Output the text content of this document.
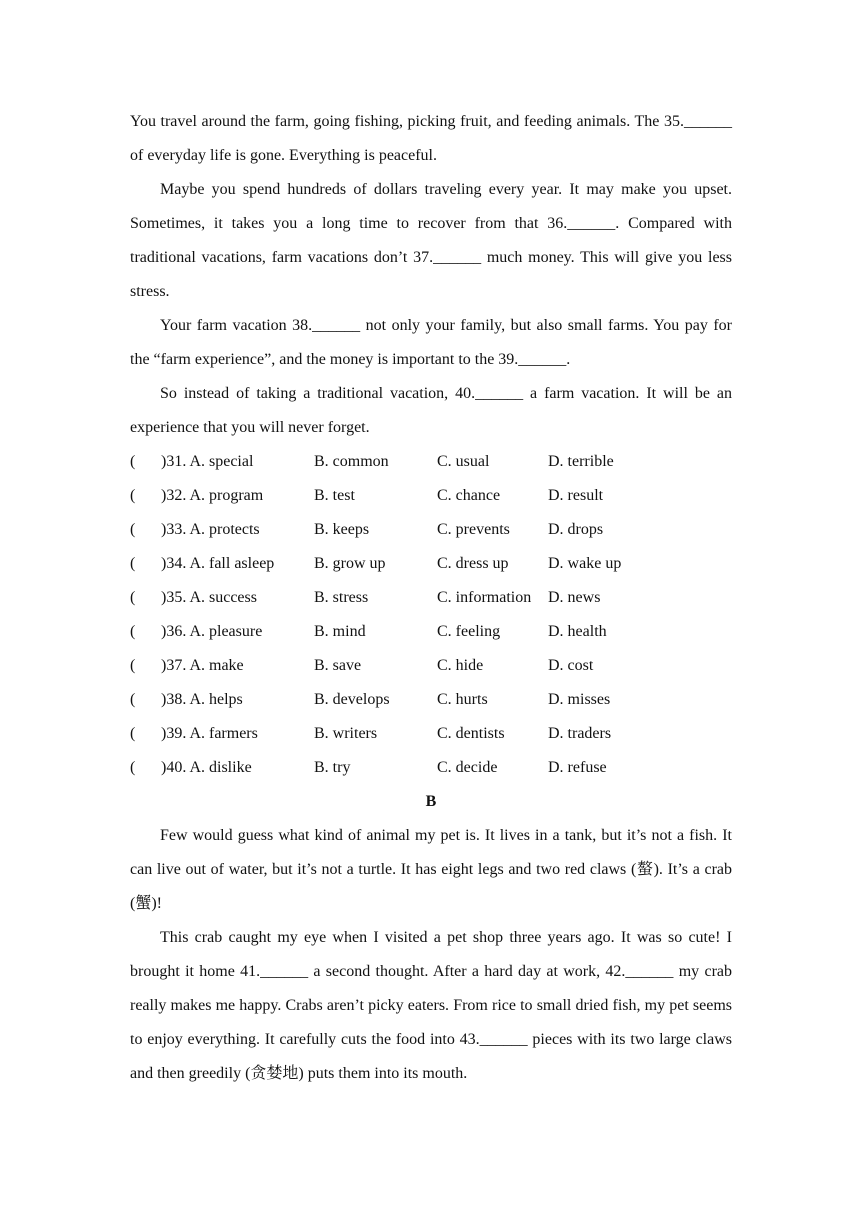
You travel around the farm, going fishing, picking fruit, and feeding animals. The 35.______ of everyday life is gone. Everything is peaceful.

Maybe you spend hundreds of dollars traveling every year. It may make you upset. Sometimes, it takes you a long time to recover from that 36.______. Compared with traditional vacations, farm vacations don’t 37.______ much money. This will give you less stress.

Your farm vacation 38.______ not only your family, but also small farms. You pay for the “farm experience”, and the money is important to the 39.______.

So instead of taking a traditional vacation, 40.______ a farm vacation. It will be an experience that you will never forget.

( )31. A. special	B. common	C. usual	D. terrible
( )32. A. program	B. test	C. chance	D. result
( )33. A. protects	B. keeps	C. prevents D. drops
( )34. A. fall asleep B. grow up	C. dress up D. wake up
( )35. A. success	B. stress	C. information D. news
( )36. A. pleasure	B. mind	C. feeling	D. health
( )37. A. make	B. save	C. hide	D. cost
( )38. A. helps	B. develops	C. hurts	D. misses
( )39. A. farmers	B. writers	C. dentists	D. traders
( )40. A. dislike	B. try	C. decide	D. refuse
B

Few would guess what kind of animal my pet is. It lives in a tank, but it’s not a fish. It can live out of water, but it’s not a turtle. It has eight legs and two red claws (螯). It’s a crab (蟹)!

This crab caught my eye when I visited a pet shop three years ago. It was so cute! I brought it home 41.______ a second thought. After a hard day at work, 42.______ my crab really makes me happy. Crabs aren’t picky eaters. From rice to small dried fish, my pet seems to enjoy everything. It carefully cuts the food into 43.______ pieces with its two large claws and then greedily (贪婪地) puts them into its mouth.
